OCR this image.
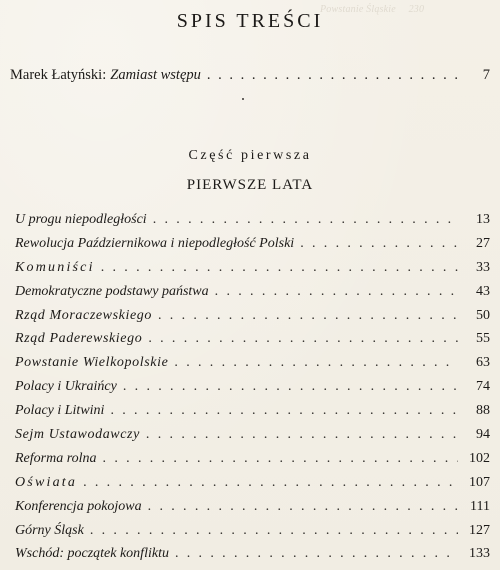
Powstanie Śląskie 230
SPIS TREŚCI
Marek Łatyński: Zamiast wstępu . . .	7
Część pierwsza
PIERWSZE LATA
U progu niepodległości . . .	13
Rewolucja Październikowa i niepodległość Polski . . .	27
Komuniści . . .	33
Demokratyczne podstawy państwa . . .	43
Rząd Moraczewskiego . . .	50
Rząd Paderewskiego . . .	55
Powstanie Wielkopolskie . . .	63
Polacy i Ukraińcy . . .	74
Polacy i Litwini . . .	88
Sejm Ustawodawczy . . .	94
Reforma rolna . . .	102
Oświata . . .	107
Konferencja pokojowa . . .	111
Górny Śląsk . . .	127
Wschód: początek konfliktu . . .	133
